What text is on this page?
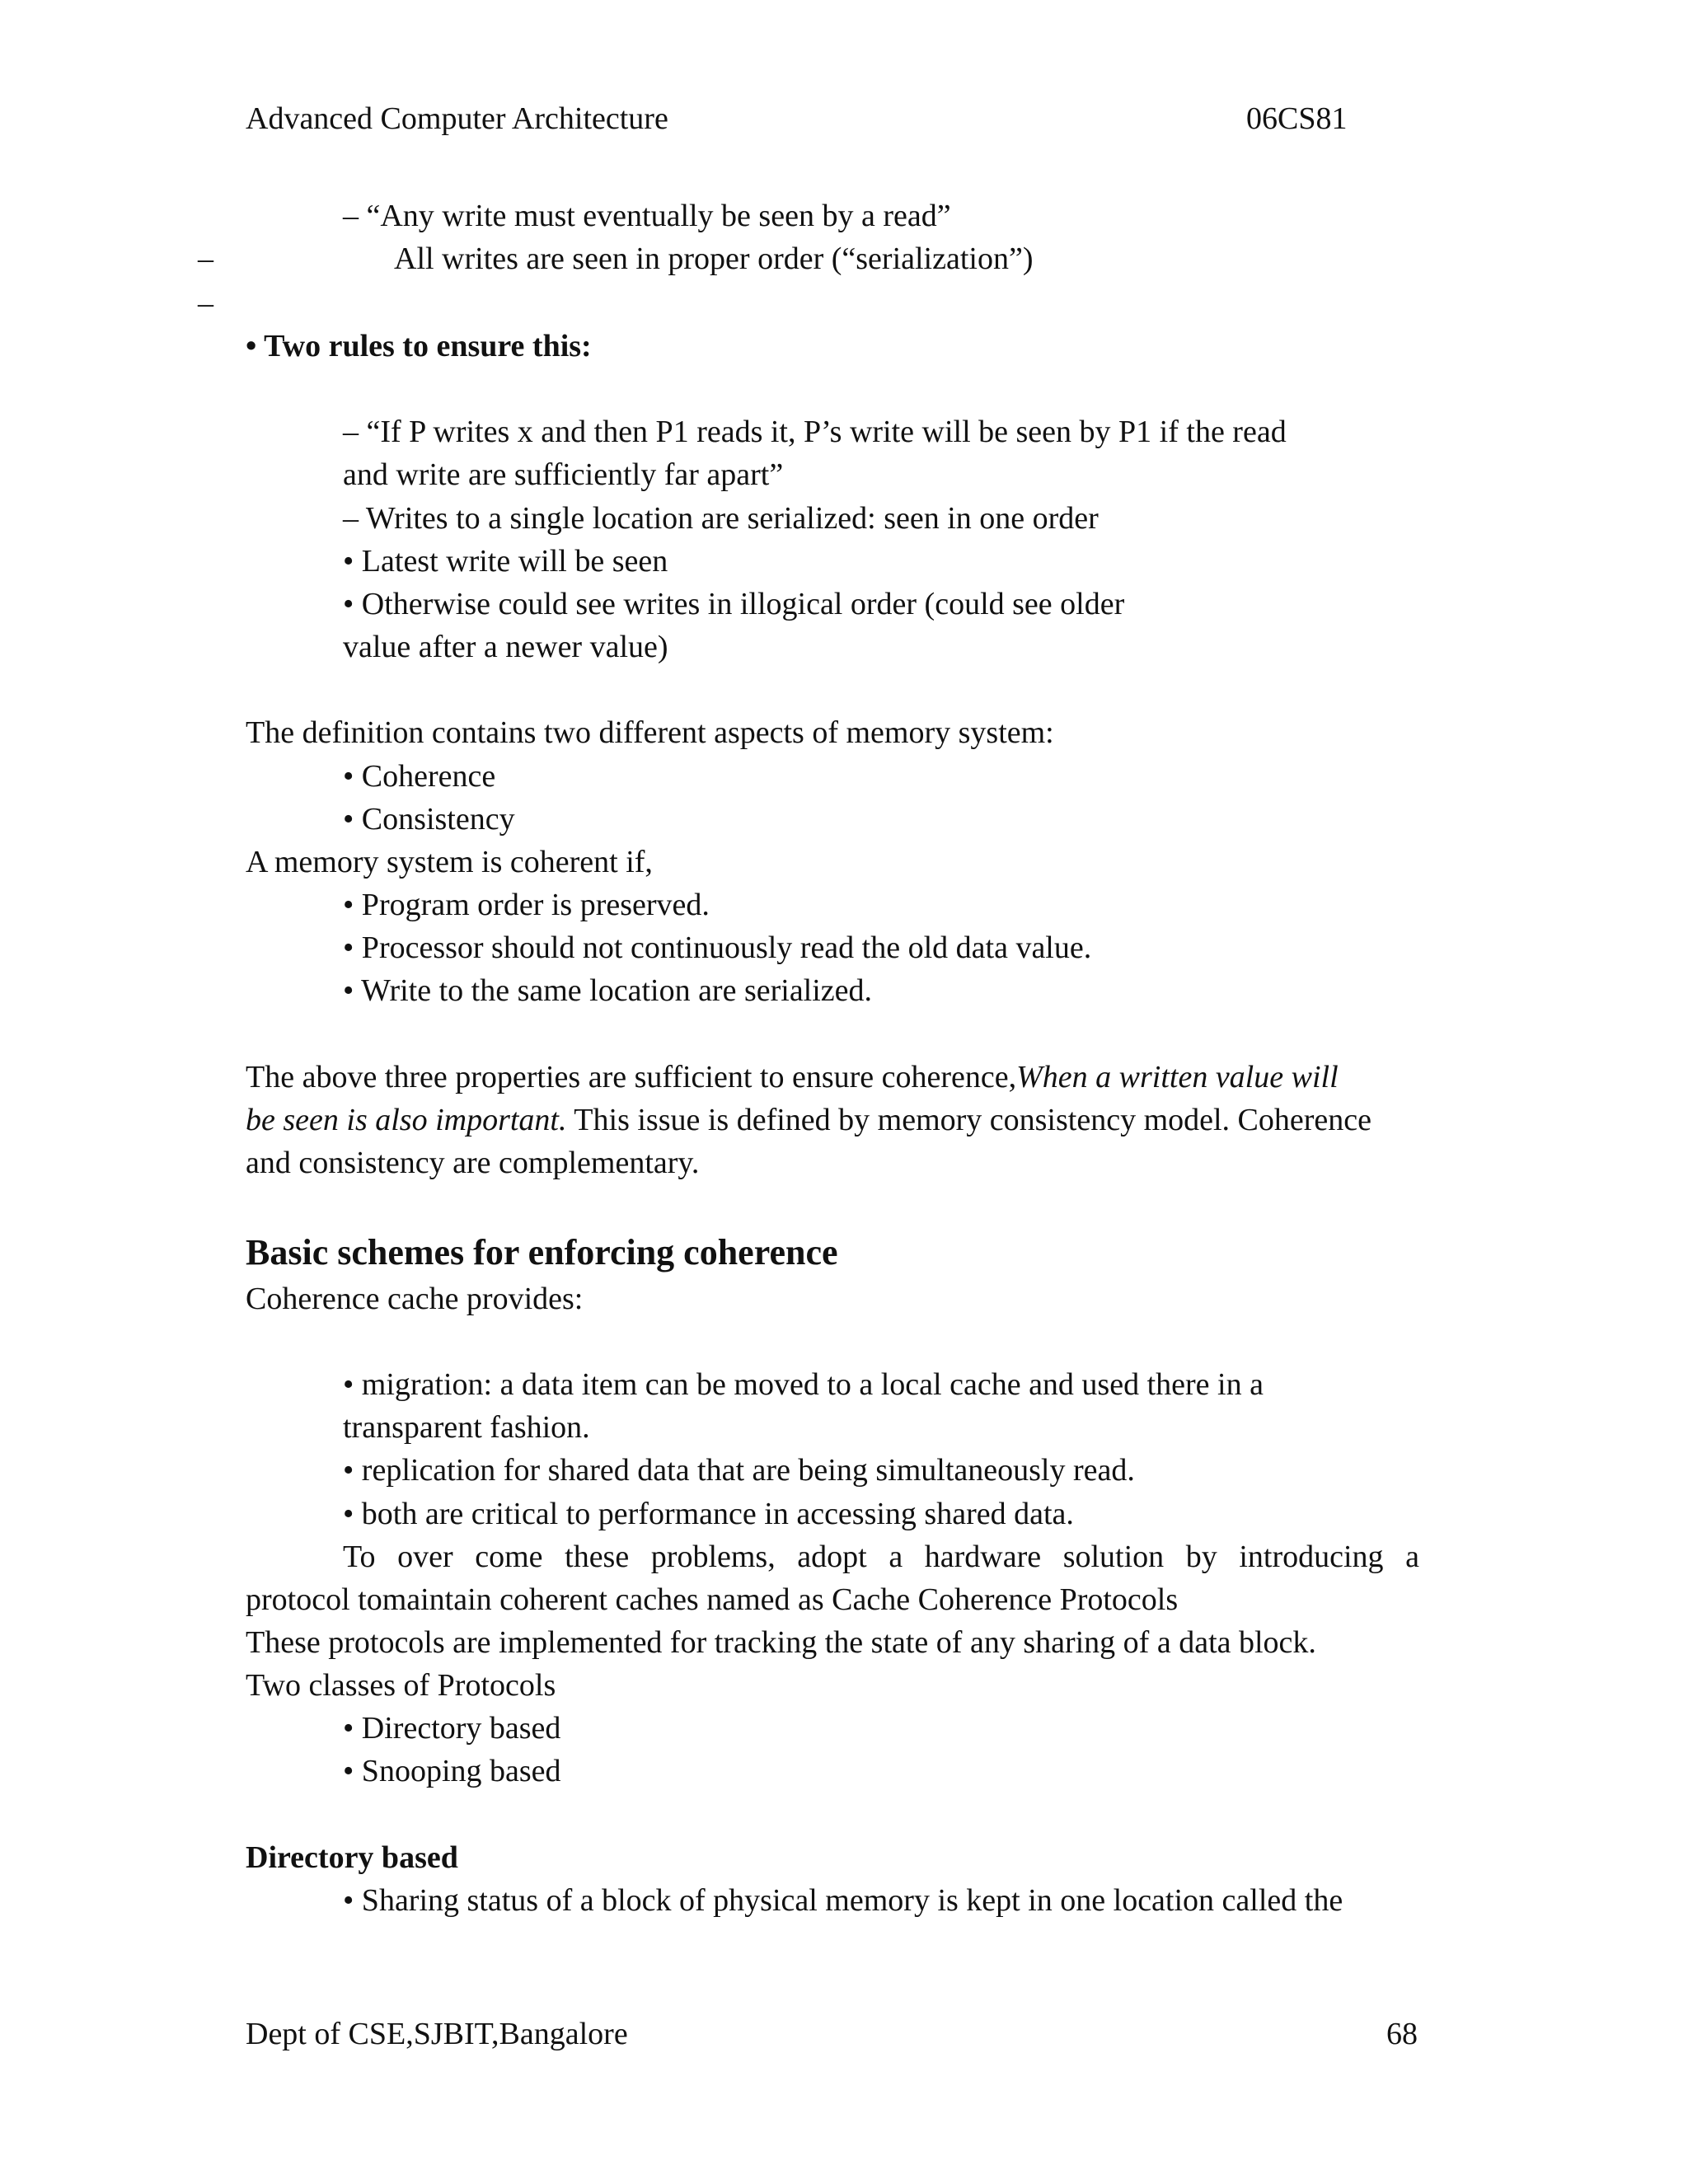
Advanced Computer Architecture	06CS81
–
–
– “Any write must eventually be seen by a read”
All writes are seen in proper order (“serialization”)
• Two rules to ensure this:
– “If P writes x and then P1 reads it, P’s write will be seen by P1 if the read
and write are sufficiently far apart”
– Writes to a single location are serialized: seen in one order
• Latest write will be seen
• Otherwise could see writes in illogical order (could see older
value after a newer value)
The definition contains two different aspects of memory system:
• Coherence
• Consistency
A memory system is coherent if,
• Program order is preserved.
• Processor should not continuously read the old data value.
• Write to the same location are serialized.
The above three properties are sufficient to ensure coherence,When a written value will
be seen is also important. This issue is defined by memory consistency model. Coherence
and consistency are complementary.
Basic schemes for enforcing coherence
Coherence cache provides:
• migration: a data item can be moved to a local cache and used there in a
transparent fashion.
• replication for shared data that are being simultaneously read.
• both are critical to performance in accessing shared data.
To over come these problems, adopt a hardware solution by introducing a
protocol tomaintain coherent caches named as Cache Coherence Protocols
These protocols are implemented for tracking the state of any sharing of a data block.
Two classes of Protocols
• Directory based
• Snooping based
Directory based
• Sharing status of a block of physical memory is kept in one location called the
Dept of CSE,SJBIT,Bangalore	68
